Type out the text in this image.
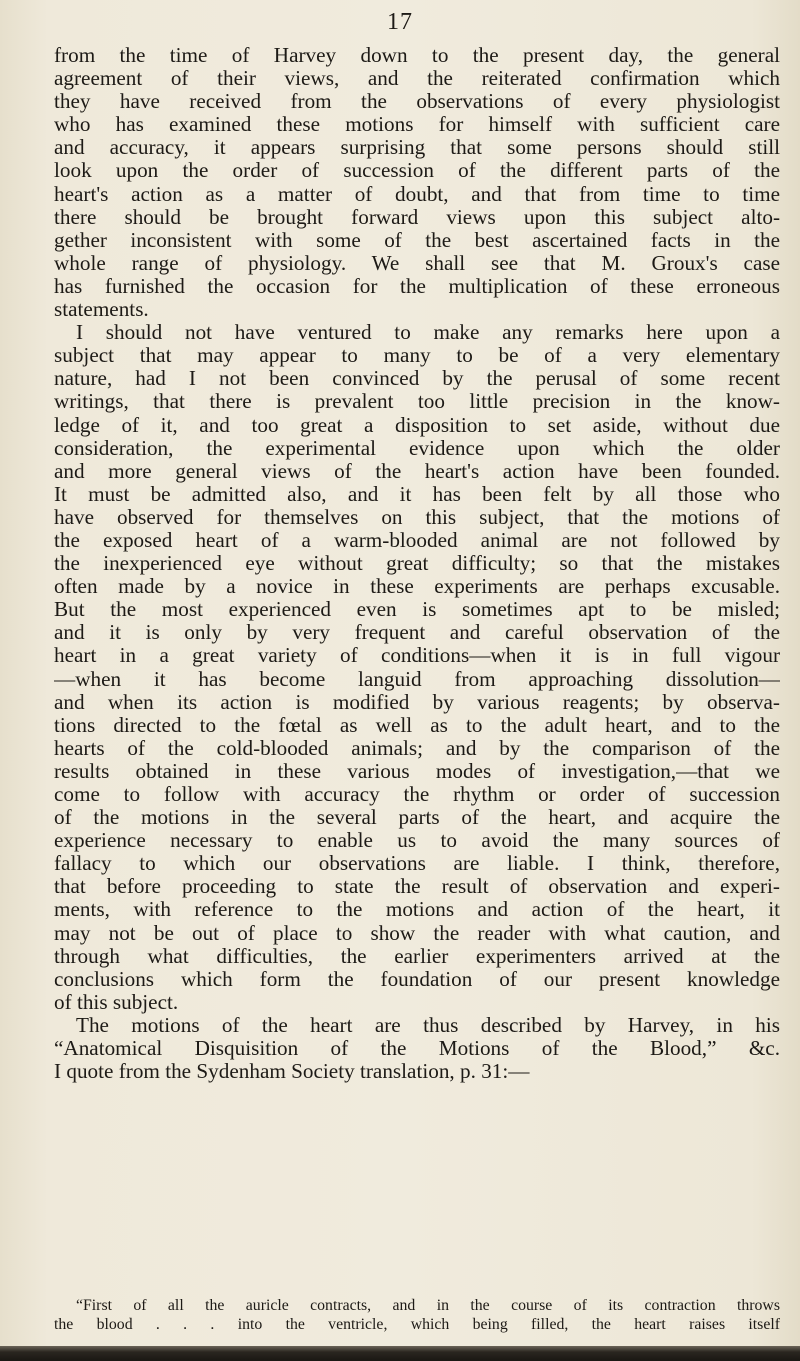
17
from the time of Harvey down to the present day, the general
agreement of their views, and the reiterated confirmation which
they have received from the observations of every physiologist
who has examined these motions for himself with sufficient care
and accuracy, it appears surprising that some persons should still
look upon the order of succession of the different parts of the
heart's action as a matter of doubt, and that from time to time
there should be brought forward views upon this subject alto-
gether inconsistent with some of the best ascertained facts in the
whole range of physiology. We shall see that M. Groux's case
has furnished the occasion for the multiplication of these erroneous
statements.
I should not have ventured to make any remarks here upon a
subject that may appear to many to be of a very elementary
nature, had I not been convinced by the perusal of some recent
writings, that there is prevalent too little precision in the know-
ledge of it, and too great a disposition to set aside, without due
consideration, the experimental evidence upon which the older
and more general views of the heart's action have been founded.
It must be admitted also, and it has been felt by all those who
have observed for themselves on this subject, that the motions of
the exposed heart of a warm-blooded animal are not followed by
the inexperienced eye without great difficulty; so that the mistakes
often made by a novice in these experiments are perhaps excusable.
But the most experienced even is sometimes apt to be misled;
and it is only by very frequent and careful observation of the
heart in a great variety of conditions—when it is in full vigour
—when it has become languid from approaching dissolution—
and when its action is modified by various reagents; by observa-
tions directed to the fœtal as well as to the adult heart, and to the
hearts of the cold-blooded animals; and by the comparison of the
results obtained in these various modes of investigation,—that we
come to follow with accuracy the rhythm or order of succession
of the motions in the several parts of the heart, and acquire the
experience necessary to enable us to avoid the many sources of
fallacy to which our observations are liable. I think, therefore,
that before proceeding to state the result of observation and experi-
ments, with reference to the motions and action of the heart, it
may not be out of place to show the reader with what caution, and
through what difficulties, the earlier experimenters arrived at the
conclusions which form the foundation of our present knowledge
of this subject.
The motions of the heart are thus described by Harvey, in his
“Anatomical Disquisition of the Motions of the Blood,” &c.
I quote from the Sydenham Society translation, p. 31:—
“First of all the auricle contracts, and in the course of its contraction throws
the blood . . . into the ventricle, which being filled, the heart raises itself
